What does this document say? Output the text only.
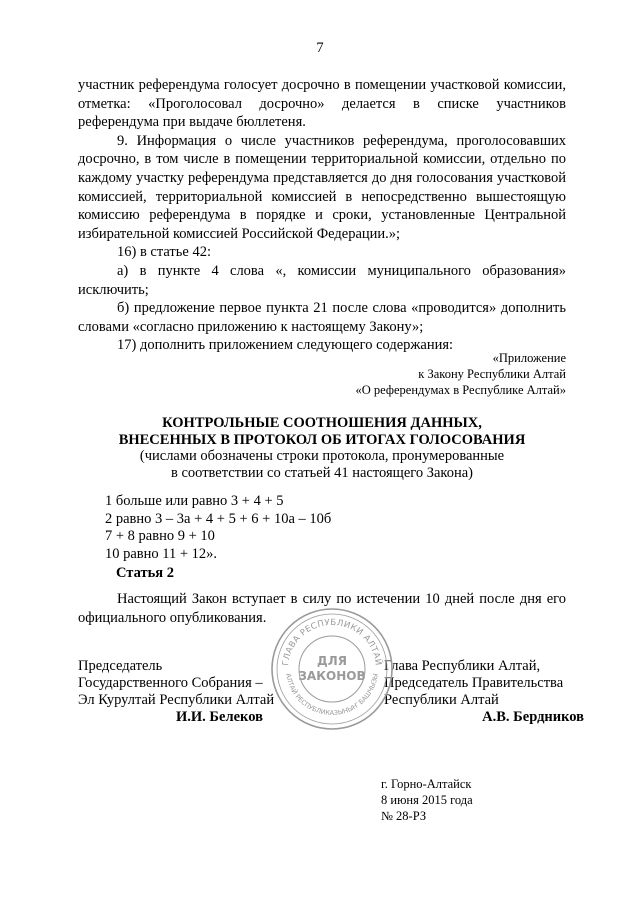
7

участник референдума голосует досрочно в помещении участковой комиссии, отметка: «Проголосовал досрочно» делается в списке участников референдума при выдаче бюллетеня.

9. Информация о числе участников референдума, проголосовавших досрочно, в том числе в помещении территориальной комиссии, отдельно по каждому участку референдума представляется до дня голосования участковой комиссией, территориальной комиссией в непосредственно вышестоящую комиссию референдума в порядке и сроки, установленные Центральной избирательной комиссией Российской Федерации.»;

16) в статье 42:

а) в пункте 4 слова «, комиссии муниципального образования» исключить;

б) предложение первое пункта 21 после слова «проводится» дополнить словами «согласно приложению к настоящему Закону»;

17) дополнить приложением следующего содержания:

«Приложение
к Закону Республики Алтай
«О референдумах в Республике Алтай»
КОНТРОЛЬНЫЕ СООТНОШЕНИЯ ДАННЫХ,
ВНЕСЕННЫХ В ПРОТОКОЛ ОБ ИТОГАХ ГОЛОСОВАНИЯ
(числами обозначены строки протокола, пронумерованные
в соответствии со статьей 41 настоящего Закона)
1 больше или равно 3 + 4 + 5
2 равно 3 – 3а + 4 + 5 + 6 + 10а – 10б
7 + 8 равно 9 + 10
10 равно 11 + 12».
Статья 2

Настоящий Закон вступает в силу по истечении 10 дней после дня его официального опубликования.

Председатель
Государственного Собрания –
Эл Курултай Республики Алтай
И.И. Белеков
Глава Республики Алтай,
Председатель Правительства
Республики Алтай
А.В. Бердников
г. Горно-Алтайск
8 июня 2015 года
№ 28-РЗ
ГЛАВА РЕСПУБЛИКИ АЛТАЙ
АЛТАЙ РЕСПУБЛИКАЗЫНЫҤ БАШЧЫЗЫ
ДЛЯ
ЗАКОНОВ
